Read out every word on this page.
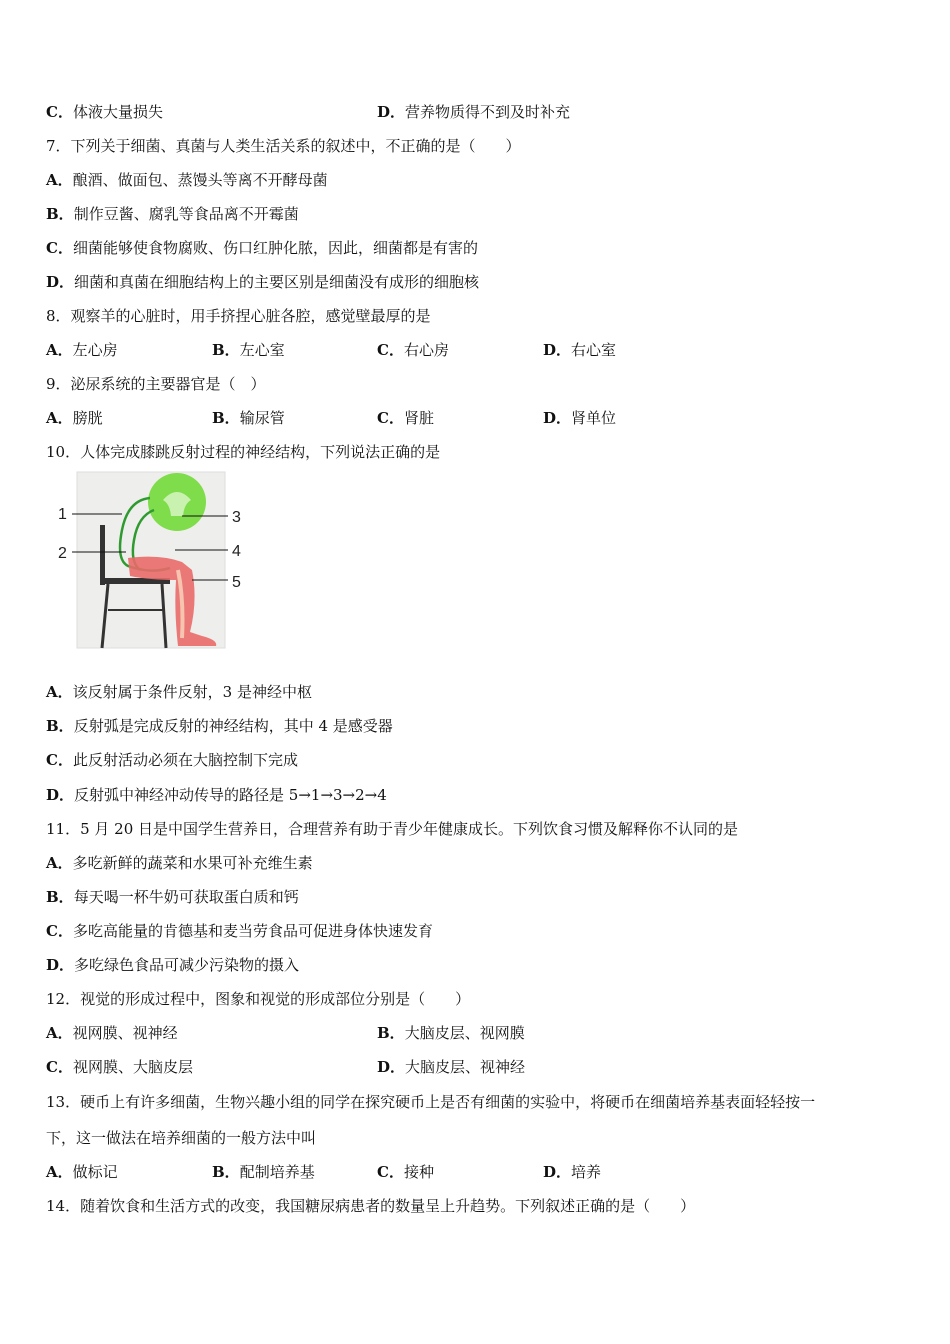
C．体液大量损失	D．营养物质得不到及时补充
7．下列关于细菌、真菌与人类生活关系的叙述中，不正确的是（　　）
A．酿酒、做面包、蒸馒头等离不开酵母菌
B．制作豆酱、腐乳等食品离不开霉菌
C．细菌能够使食物腐败、伤口红肿化脓，因此，细菌都是有害的
D．细菌和真菌在细胞结构上的主要区别是细菌没有成形的细胞核
8．观察羊的心脏时，用手挤捏心脏各腔，感觉壁最厚的是
A．左心房	B．左心室	C．右心房	D．右心室
9．泌尿系统的主要器官是（　）
A．膀胱	B．输尿管	C．肾脏	D．肾单位
10．人体完成膝跳反射过程的神经结构，下列说法正确的是
1
2
3
4
5
A．该反射属于条件反射，3 是神经中枢
B．反射弧是完成反射的神经结构，其中 4 是感受器
C．此反射活动必须在大脑控制下完成
D．反射弧中神经冲动传导的路径是 5→1→3→2→4
11．5 月 20 日是中国学生营养日，合理营养有助于青少年健康成长。下列饮食习惯及解释你不认同的是
A．多吃新鲜的蔬菜和水果可补充维生素
B．每天喝一杯牛奶可获取蛋白质和钙
C．多吃高能量的肯德基和麦当劳食品可促进身体快速发育
D．多吃绿色食品可减少污染物的摄入
12．视觉的形成过程中，图象和视觉的形成部位分别是（　　）
A．视网膜、视神经	B．大脑皮层、视网膜
C．视网膜、大脑皮层	D．大脑皮层、视神经
13．硬币上有许多细菌，生物兴趣小组的同学在探究硬币上是否有细菌的实验中，将硬币在细菌培养基表面轻轻按一
下，这一做法在培养细菌的一般方法中叫
A．做标记	B．配制培养基	C．接种	D．培养
14．随着饮食和生活方式的改变，我国糖尿病患者的数量呈上升趋势。下列叙述正确的是（　　）
